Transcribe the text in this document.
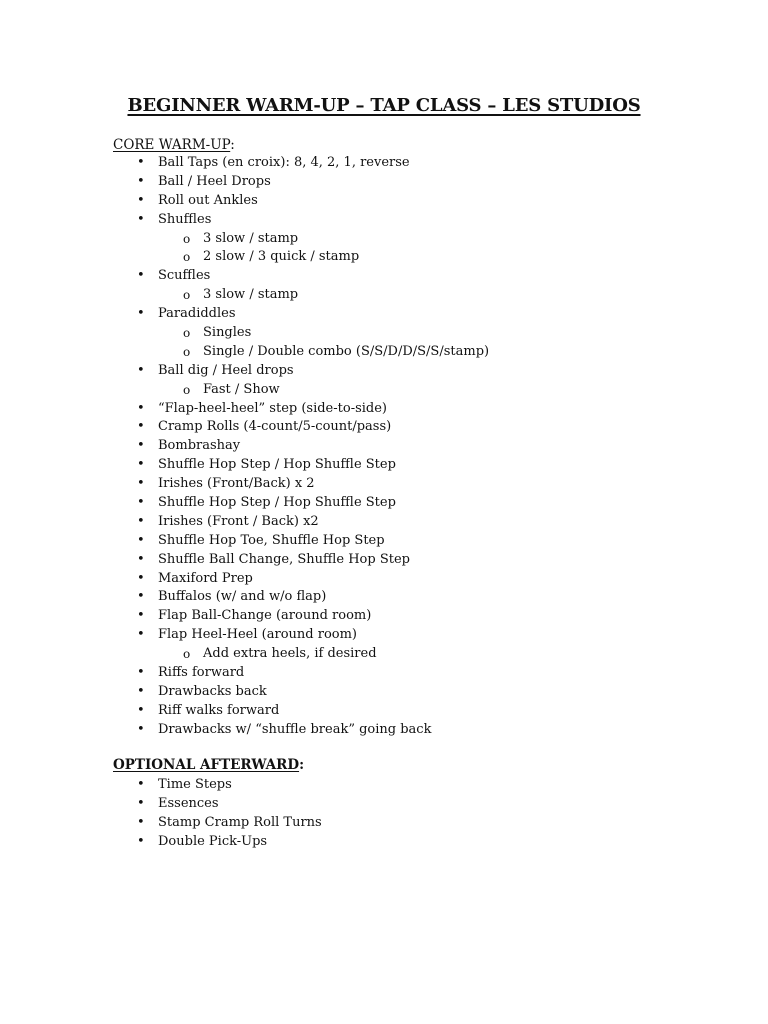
BEGINNER WARM-UP – TAP CLASS – LES STUDIOS
CORE WARM-UP:
• Ball Taps (en croix): 8, 4, 2, 1, reverse
• Ball / Heel Drops
• Roll out Ankles
• Shuffles
o 3 slow / stamp
o 2 slow / 3 quick / stamp
• Scuffles
o 3 slow / stamp
• Paradiddles
o Singles
o Single / Double combo (S/S/D/D/S/S/stamp)
• Ball dig / Heel drops
o Fast / Show
• “Flap-heel-heel” step (side-to-side)
• Cramp Rolls (4-count/5-count/pass)
• Bombrashay
• Shuffle Hop Step / Hop Shuffle Step
• Irishes (Front/Back) x 2
• Shuffle Hop Step / Hop Shuffle Step
• Irishes (Front / Back) x2
• Shuffle Hop Toe, Shuffle Hop Step
• Shuffle Ball Change, Shuffle Hop Step
• Maxiford Prep
• Buffalos (w/ and w/o flap)
• Flap Ball-Change (around room)
• Flap Heel-Heel (around room)
o Add extra heels, if desired
• Riffs forward
• Drawbacks back
• Riff walks forward
• Drawbacks w/ “shuffle break” going back
OPTIONAL AFTERWARD:
• Time Steps
• Essences
• Stamp Cramp Roll Turns
• Double Pick-Ups
